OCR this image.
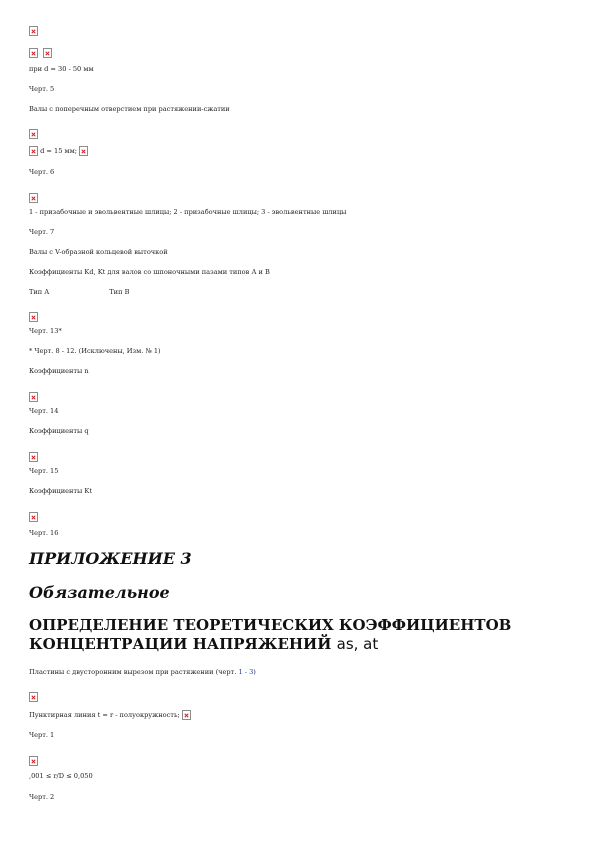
при d = 30 - 50 мм
Черт. 5
Валы с поперечным отверстием при растяжении-сжатии
d = 15 мм;
Черт. 6
1 - призабочные и эвольвентные шлицы; 2 - призабочные шлицы; 3 - эвольвентные шлицы
Черт. 7
Валы с V-образной кольцевой выточкой
Коэффициенты Kd, Kt для валов со шпоночными пазами типов А и В
Тип А	Тип В
Черт. 13*
* Черт. 8 - 12. (Исключены, Изм. № 1)
Коэффициенты n
Черт. 14
Коэффициенты q
Черт. 15
Коэффициенты Kt
Черт. 16
ПРИЛОЖЕНИЕ 3
Обязательное
ОПРЕДЕЛЕНИЕ ТЕОРЕТИЧЕСКИХ КОЭФФИЦИЕНТОВ КОНЦЕНТРАЦИИ НАПРЯЖЕНИЙ as, at
Пластины с двусторонним вырезом при растяжении (черт. 1 - 3)
Пунктирная линия t = r - полуокружность;
Черт. 1
,001 ≤ r/D ≤ 0,050
Черт. 2
